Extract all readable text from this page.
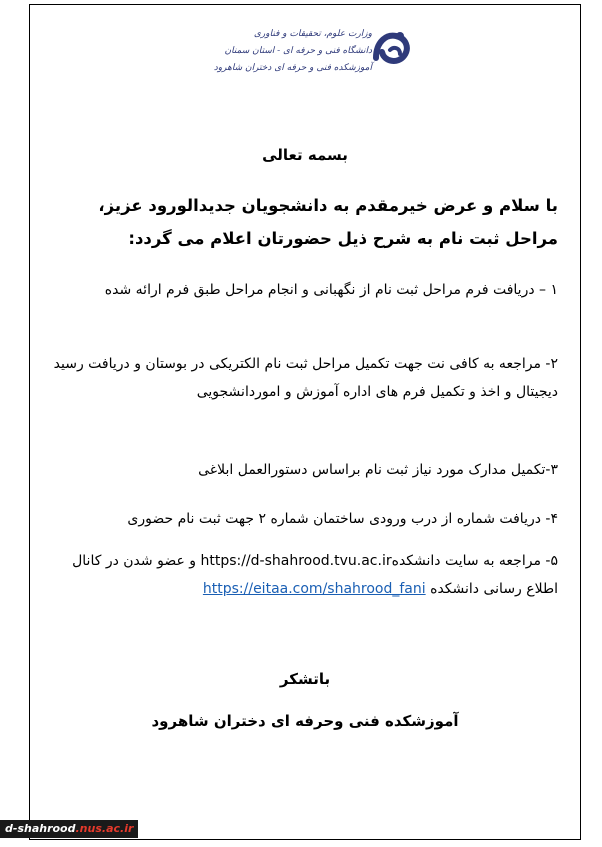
وزارت علوم، تحقیقات و فناوری
دانشگاه فنی و حرفه ای - استان سمنان
آموزشکده فنی و حرفه ای دختران شاهرود
بسمه تعالی
با سلام و عرض خیرمقدم به دانشجویان جدیدالورود عزیز، مراحل ثبت نام به شرح ذیل حضورتان اعلام می گردد:
۱ – دریافت فرم مراحل ثبت نام از نگهبانی و انجام مراحل طبق فرم ارائه شده
۲- مراجعه به کافی نت جهت تکمیل مراحل ثبت نام الکتریکی در بوستان و دریافت رسید دیجیتال و اخذ و تکمیل فرم های اداره آموزش و اموردانشجویی
۳-تکمیل مدارک مورد نیاز ثبت نام براساس دستورالعمل ابلاغی
۴- دریافت شماره از درب ورودی ساختمان شماره ۲ جهت ثبت نام حضوری
۵- مراجعه به سایت دانشکدهhttps://d-shahrood.tvu.ac.ir و عضو شدن در کانال اطلاع رسانی دانشکده https://eitaa.com/shahrood_fani
باتشکر
آموزشکده فنی وحرفه ای دختران شاهرود
d-shahrood.nus.ac.ir
